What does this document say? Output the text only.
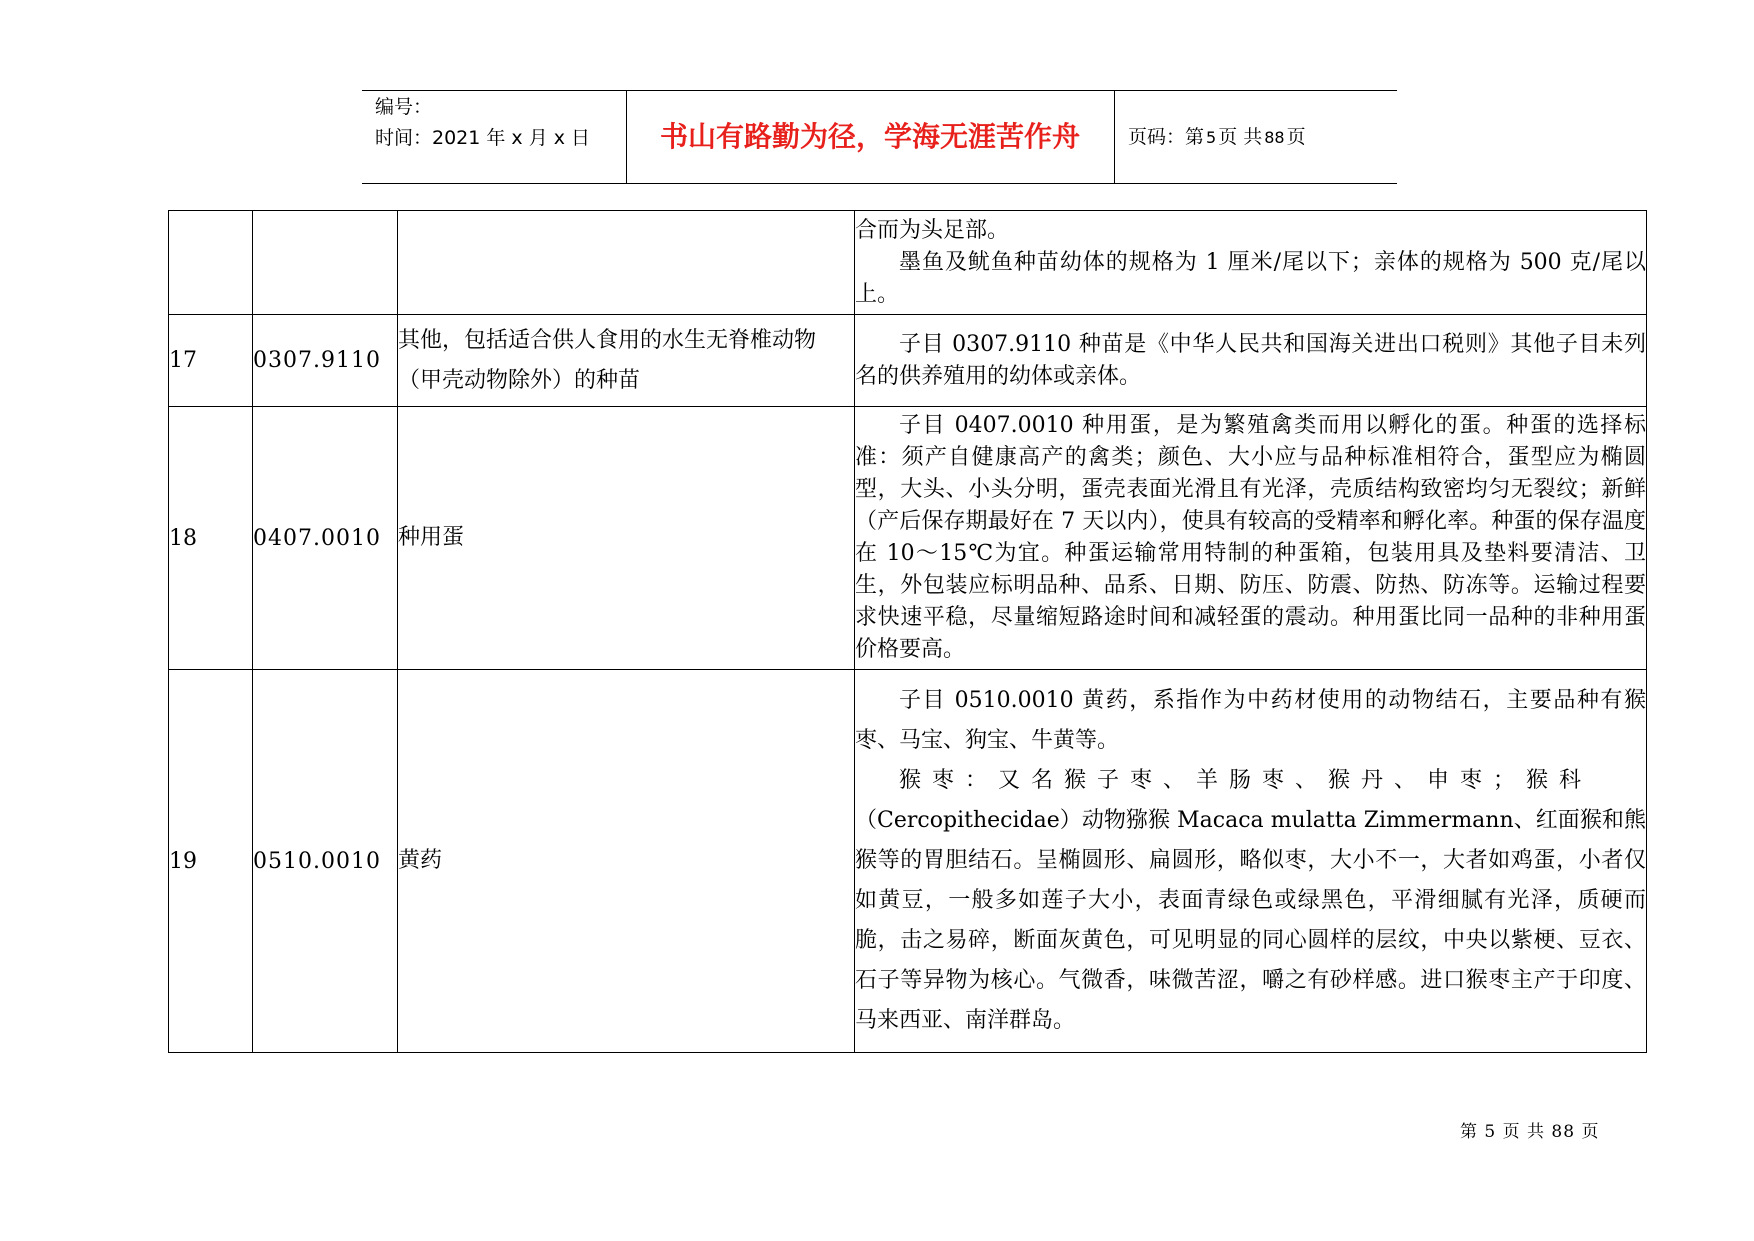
编号：
时间：2021 年 x 月 x 日	书山有路勤为径，学海无涯苦作舟	页码：第 5 页 共 88 页

			合而为头足部。

墨鱼及鱿鱼种苗幼体的规格为 1 厘米/尾以下；亲体的规格为 500 克/尾以上。

17	0307.9110	其他，包括适合供人食用的水生无脊椎动物（甲壳动物除外）的种苗	子目 0307.9110 种苗是《中华人民共和国海关进出口税则》其他子目未列名的供养殖用的幼体或亲体。

18	0407.0010	种用蛋	子目 0407.0010 种用蛋，是为繁殖禽类而用以孵化的蛋。种蛋的选择标准：须产自健康高产的禽类；颜色、大小应与品种标准相符合，蛋型应为椭圆型，大头、小头分明，蛋壳表面光滑且有光泽，壳质结构致密均匀无裂纹；新鲜（产后保存期最好在 7 天以内），使具有较高的受精率和孵化率。种蛋的保存温度在 10～15℃为宜。种蛋运输常用特制的种蛋箱，包装用具及垫料要清洁、卫生，外包装应标明品种、品系、日期、防压、防震、防热、防冻等。运输过程要求快速平稳，尽量缩短路途时间和减轻蛋的震动。种用蛋比同一品种的非种用蛋价格要高。

19	0510.0010	黄药	子目 0510.0010 黄药，系指作为中药材使用的动物结石，主要品种有猴枣、马宝、狗宝、牛黄等。

猴枣：又名猴子枣、羊肠枣、猴丹、申枣；猴科

（Cercopithecidae）动物猕猴 Macaca mulatta Zimmermann、红面猴和熊猴等的胃胆结石。呈椭圆形、扁圆形，略似枣，大小不一，大者如鸡蛋，小者仅如黄豆，一般多如莲子大小，表面青绿色或绿黑色，平滑细腻有光泽，质硬而脆，击之易碎，断面灰黄色，可见明显的同心圆样的层纹，中央以紫梗、豆衣、石子等异物为核心。气微香，味微苦涩，嚼之有砂样感。进口猴枣主产于印度、马来西亚、南洋群岛。

第 5 页 共 88 页
